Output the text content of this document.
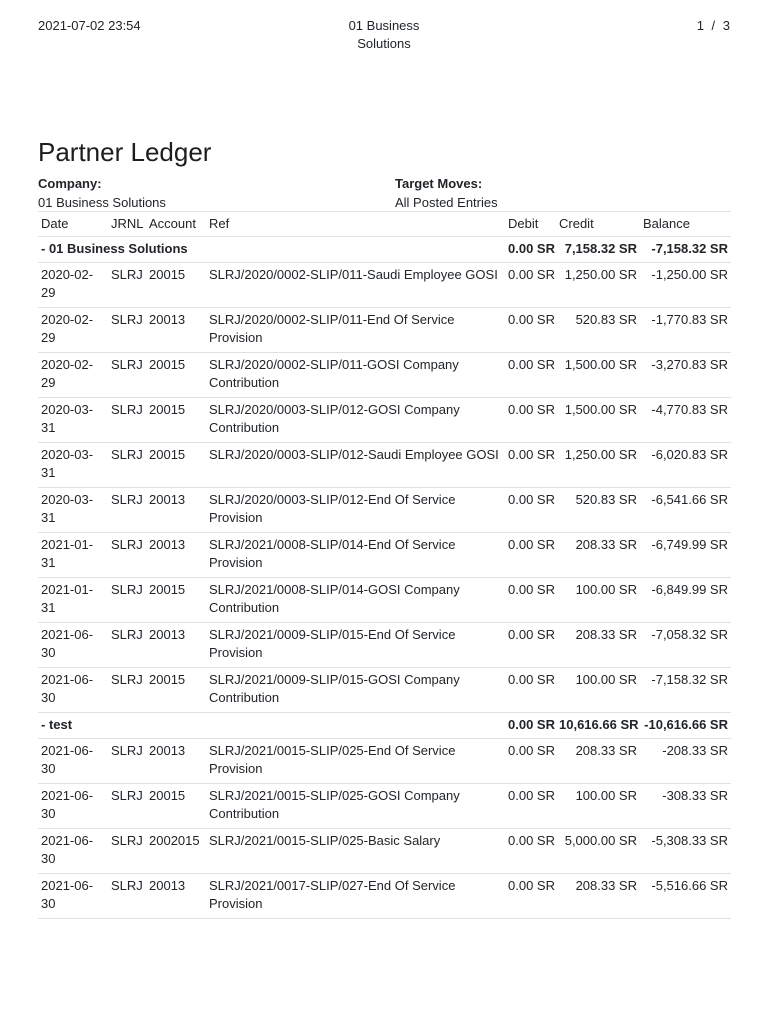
2021-07-02 23:54	01 Business Solutions
1 / 3
Partner Ledger
Company:
01 Business Solutions
Target Moves:
All Posted Entries
Date	JRNL	Account	Ref	Debit	Credit	Balance
- 01 Business Solutions				0.00 SR	7,158.32 SR	-7,158.32 SR
2020-02-29	SLRJ	20015	SLRJ/2020/0002-SLIP/011-Saudi Employee GOSI	0.00 SR	1,250.00 SR	-1,250.00 SR
2020-02-29	SLRJ	20013	SLRJ/2020/0002-SLIP/011-End Of Service Provision	0.00 SR	520.83 SR	-1,770.83 SR
2020-02-29	SLRJ	20015	SLRJ/2020/0002-SLIP/011-GOSI Company Contribution	0.00 SR	1,500.00 SR	-3,270.83 SR
2020-03-31	SLRJ	20015	SLRJ/2020/0003-SLIP/012-GOSI Company Contribution	0.00 SR	1,500.00 SR	-4,770.83 SR
2020-03-31	SLRJ	20015	SLRJ/2020/0003-SLIP/012-Saudi Employee GOSI	0.00 SR	1,250.00 SR	-6,020.83 SR
2020-03-31	SLRJ	20013	SLRJ/2020/0003-SLIP/012-End Of Service Provision	0.00 SR	520.83 SR	-6,541.66 SR
2021-01-31	SLRJ	20013	SLRJ/2021/0008-SLIP/014-End Of Service Provision	0.00 SR	208.33 SR	-6,749.99 SR
2021-01-31	SLRJ	20015	SLRJ/2021/0008-SLIP/014-GOSI Company Contribution	0.00 SR	100.00 SR	-6,849.99 SR
2021-06-30	SLRJ	20013	SLRJ/2021/0009-SLIP/015-End Of Service Provision	0.00 SR	208.33 SR	-7,058.32 SR
2021-06-30	SLRJ	20015	SLRJ/2021/0009-SLIP/015-GOSI Company Contribution	0.00 SR	100.00 SR	-7,158.32 SR
- test				0.00 SR	10,616.66 SR	-10,616.66 SR
2021-06-30	SLRJ	20013	SLRJ/2021/0015-SLIP/025-End Of Service Provision	0.00 SR	208.33 SR	-208.33 SR
2021-06-30	SLRJ	20015	SLRJ/2021/0015-SLIP/025-GOSI Company Contribution	0.00 SR	100.00 SR	-308.33 SR
2021-06-30	SLRJ	2002015	SLRJ/2021/0015-SLIP/025-Basic Salary	0.00 SR	5,000.00 SR	-5,308.33 SR
2021-06-30	SLRJ	20013	SLRJ/2021/0017-SLIP/027-End Of Service Provision	0.00 SR	208.33 SR	-5,516.66 SR
